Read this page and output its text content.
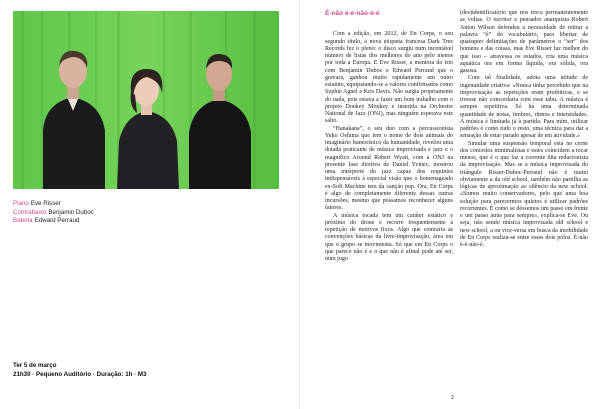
Piano Eve Risser
Contrabaixo Benjamin Duboc
Bateria Edward Perraud
Ter 5 de março
21h30 · Pequeno Auditório · Duração: 1h · M3
É-não é-é-não-é-é

Com a edição, em 2012, de En Corps, o seu segundo título, a nova etiqueta francesa Dark Tree Records fez o pleno: o disco surgiu num incontável número de listas dos melhores do ano pelo menos por toda a Europa. E Eve Risser, a mentora do trio com Benjamin Duboc e Edward Perraud que o gravara, ganhou muito rapidamente um outro estatuto, equiparando-se a valores confirmados como Sophie Agnel e Kris Davis. Não surgia propriamente do nada, pois estava a fazer um bom trabalho com o projeto Donkey Monkey e inserida na Orchestre National de Jazz (ONJ), mas ninguém esperava este salto.

“Hanakana”, o seu duo com a percussionista Yuko Oshima que tem o nome de dois animais do imaginário humorístico da humanidade, revelou uma dotada praticante de música improvisada e jazz e o magnífico Around Robert Wyatt, com a ONJ na presente fase diretiva de Daniel Yvinec, mostrou uma intérprete do jazz capaz dos requintes indispensáveis à especial visão que o homenageado ex-Soft Machine tem da canção pop. Ora, En Corps é algo de completamente diferente dessas outras incursões, mesmo que possamos reconhecer alguns fatores.

A música tocada tem um caráter estático e próximo do drone e recorre frequentemente à repetição de motivos fixos. Algo que contraria as convenções básicas da livre-improvisação, área em que o grupo se movimenta. Só que em En Corps o que parece não é e o que não é afinal pode até ser, num jogo

(des)identificatório que nos troca permanentemente as voltas. O escritor e pensador anarquista Robert Anton Wilson defendeu a necessidade de retirar a palavra “é” do vocabulário, para libertar de quaisquer delimitações de parâmetros o “ser” dos homens e das coisas, mas Eve Risser faz melhor do que isso – atravessa os estados, cria uma música aquática ora em forma líquida, ora sólida, ora gasosa.

Com tal finalidade, adota uma atitude de ingenuidade criativa: «Nunca tinha percebido que na improvisação as repetições eram proibitivas, e se tivesse não concordaria com esse tabu. A música é sempre repetitiva. Só há uma determinada quantidade de notas, timbres, ritmos e intensidades. A música é limitada já à partida. Para mim, utilizar padrões é como tudo o resto, uma técnica para dar a sensação de estar parado apesar de em atividade.»

Simular uma suspensão temporal está no cerne dos conceitos minimalistas e estes coincidem a tocar menos, que é o que faz a corrente dita reducionista da improvisação. Mas se a música improvisada do triângulo Risser-Duboc-Perraud não é muito obviamente a da old school, também não partilha as lógicas de aproximação ao silêncio da new school. «Somos muito conservadores, pelo que uma boa solução para parecermos quietos é utilizar padrões recorrentes. É como se déssemos um passo em frente e um passo atrás para sempre», explica-se Eve. Ou seja, não sendo música improvisada old school e new school, a ou vice-versa em busca da imobilidade de En Corps realiza-se entre esses dois pólos. É-não é-é-não-é.

2
